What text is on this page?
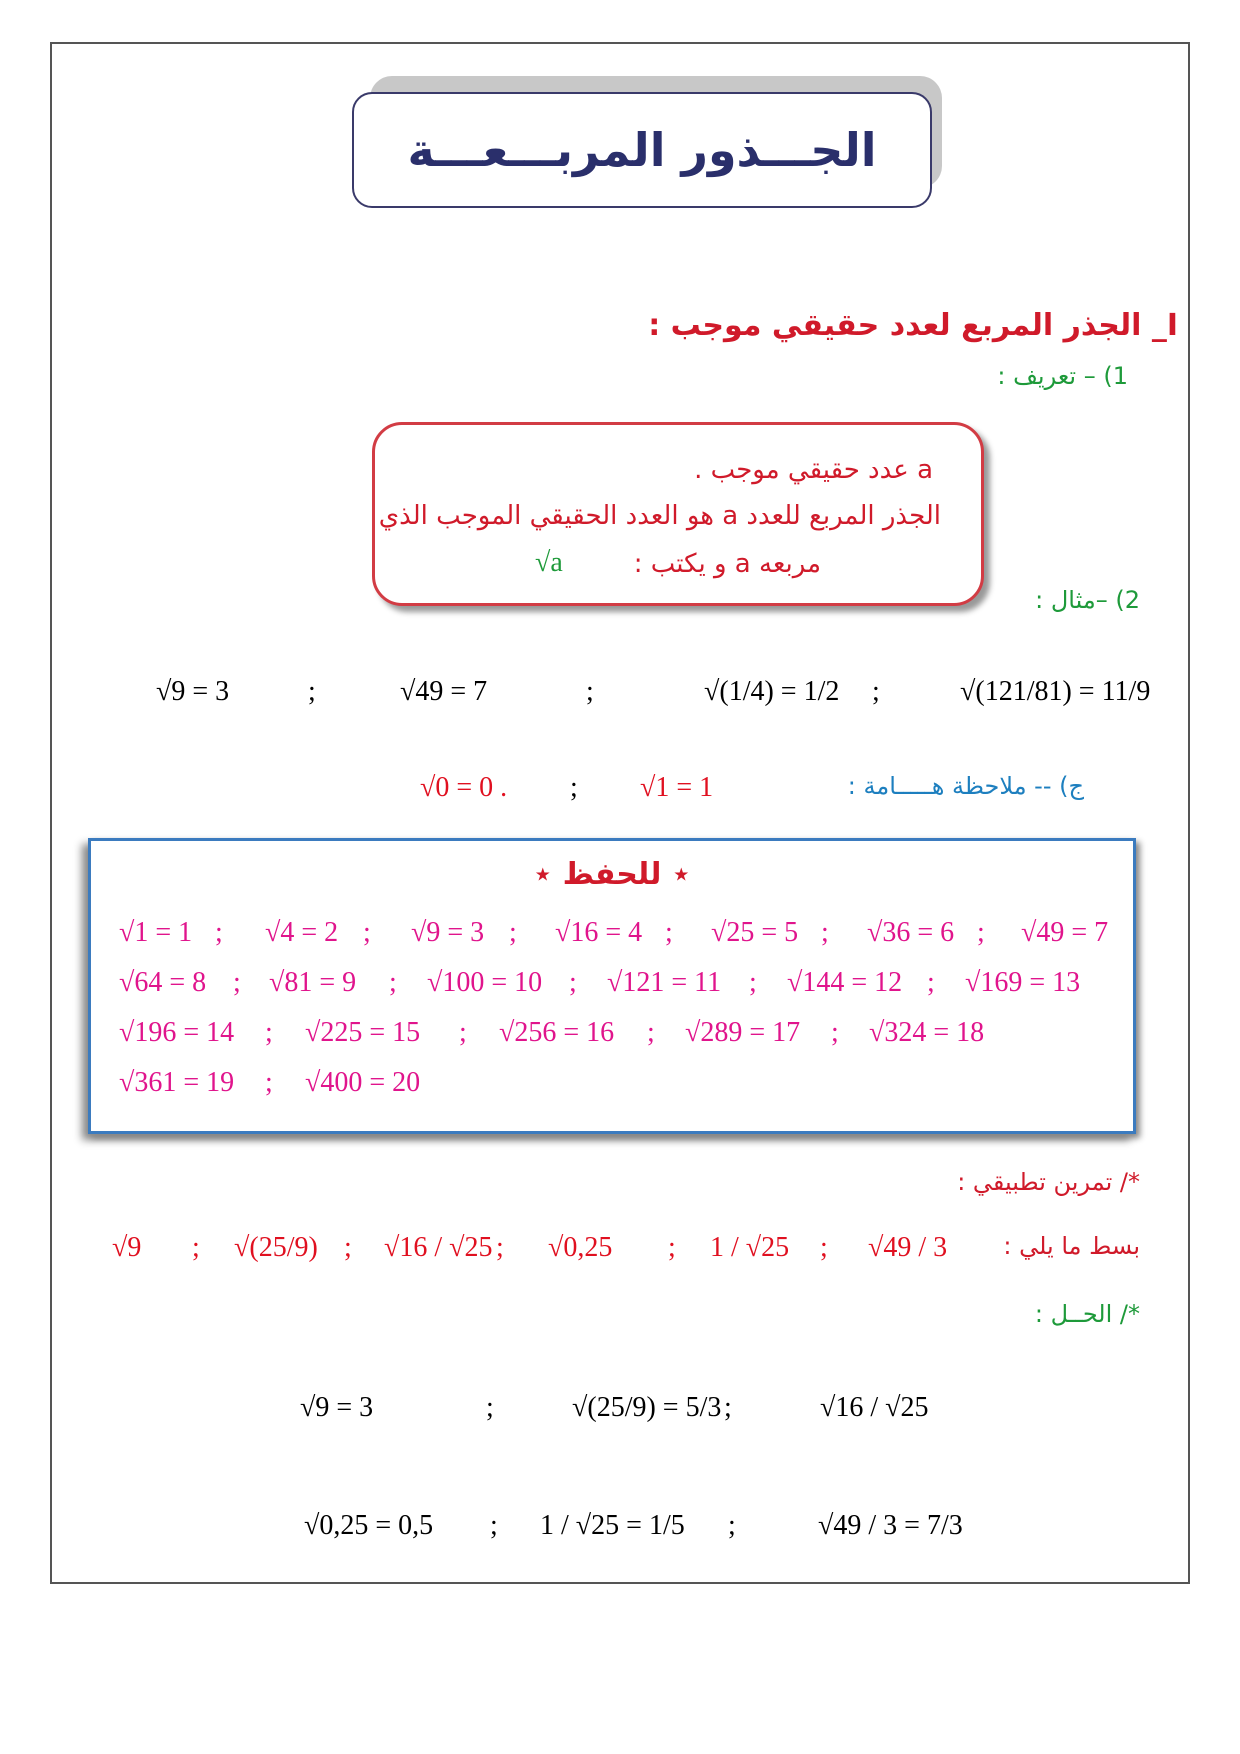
الجـــذور المربـــعـــة
I_ الجذر المربع لعدد حقيقي موجب :
1) – تعريف :
a عدد حقيقي موجب .
الجذر المربع للعدد a هو العدد الحقيقي الموجب الذي
مربعه a و يكتب :
√a
2) –مثال :
√9 = 3	;	√49 = 7	;	√(1/4) = 1/2 ;	√(121/81) = 11/9
ج) -- ملاحظة هـــــامة :
√1 = 1
;
√0 = 0 .
⋆ للحفظ ⋆
√1 = 1	√4 = 2	√9 = 3	√16 = 4 √25 = 5 √36 = 6 √49 = 7
√64 = 8 √81 = 9	√100 = 10 √121 = 11 √144 = 12 √169 = 13
√196 = 14	√225 = 15	√256 = 16	√289 = 17 √324 = 18
√361 = 19	√400 = 20
;	;	;	;	;	;
;	;	;	;	;
;	;	;	;
;
*/ تمرين تطبيقي :
بسط ما يلي :
√49 / 3
;
1 / √25
;
√0,25
;
√16 / √25
;
√(25/9)
;
√9
*/ الحــل :
√9 = 3	;	√(25/9) = 5/3 ;	√16 / √25
√0,25 = 0,5 ; 1 / √25 = 1/5 ;	√49 / 3 = 7/3
